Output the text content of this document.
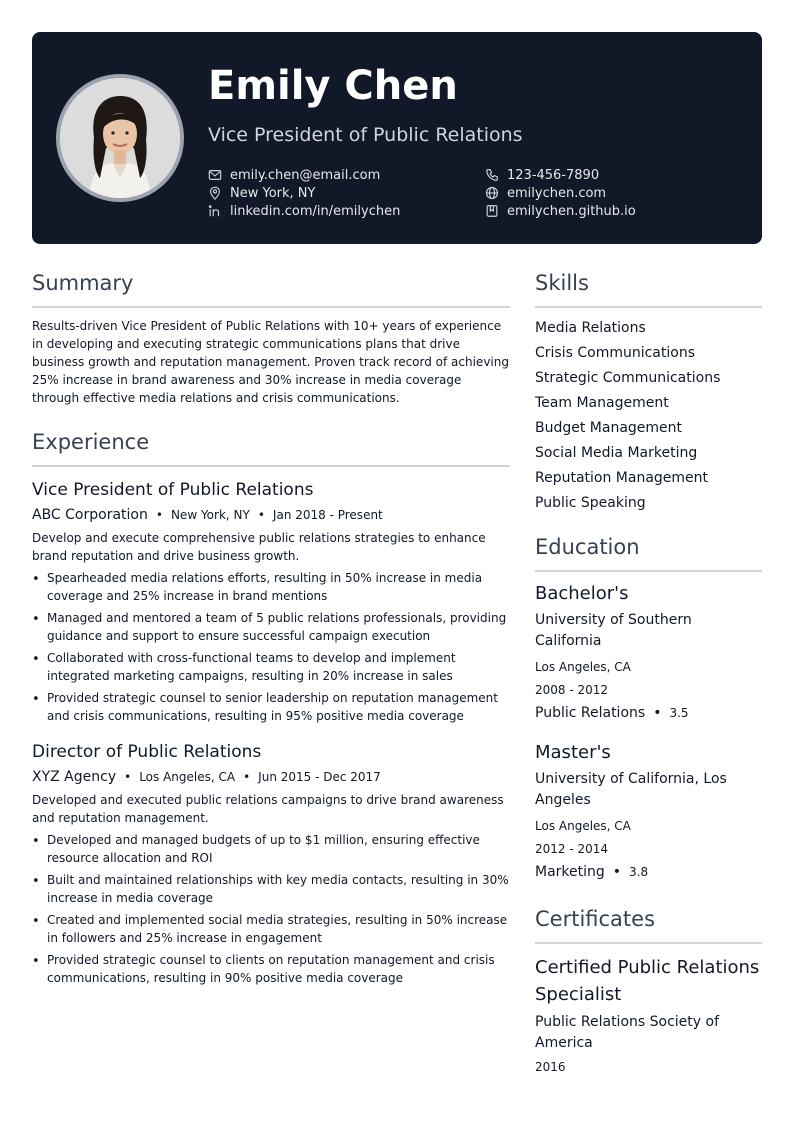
Emily Chen
Vice President of Public Relations
emily.chen@email.com	123-456-7890
New York, NY	emilychen.com
linkedin.com/in/emilychen	emilychen.github.io
Summary

Results-driven Vice President of Public Relations with 10+ years of experience in developing and executing strategic communications plans that drive business growth and reputation management. Proven track record of achieving 25% increase in brand awareness and 30% increase in media coverage through effective media relations and crisis communications.

Experience
Vice President of Public Relations
ABC Corporation • New York, NY • Jan 2018 - Present

Develop and execute comprehensive public relations strategies to enhance brand reputation and drive business growth.

• Spearheaded media relations efforts, resulting in 50% increase in media coverage and 25% increase in brand mentions
• Managed and mentored a team of 5 public relations professionals, providing guidance and support to ensure successful campaign execution
• Collaborated with cross-functional teams to develop and implement integrated marketing campaigns, resulting in 20% increase in sales
• Provided strategic counsel to senior leadership on reputation management and crisis communications, resulting in 95% positive media coverage
Director of Public Relations
XYZ Agency • Los Angeles, CA • Jun 2015 - Dec 2017

Developed and executed public relations campaigns to drive brand awareness and reputation management.

• Developed and managed budgets of up to $1 million, ensuring effective resource allocation and ROI
• Built and maintained relationships with key media contacts, resulting in 30% increase in media coverage
• Created and implemented social media strategies, resulting in 50% increase in followers and 25% increase in engagement
• Provided strategic counsel to clients on reputation management and crisis communications, resulting in 90% positive media coverage
Skills
Media Relations
Crisis Communications
Strategic Communications
Team Management
Budget Management
Social Media Marketing
Reputation Management
Public Speaking
Education
Bachelor's
University of Southern California
Los Angeles, CA
2008 - 2012
Public Relations • 3.5
Master's
University of California, Los Angeles
Los Angeles, CA
2012 - 2014
Marketing • 3.8
Certificates
Certified Public Relations Specialist
Public Relations Society of America
2016
